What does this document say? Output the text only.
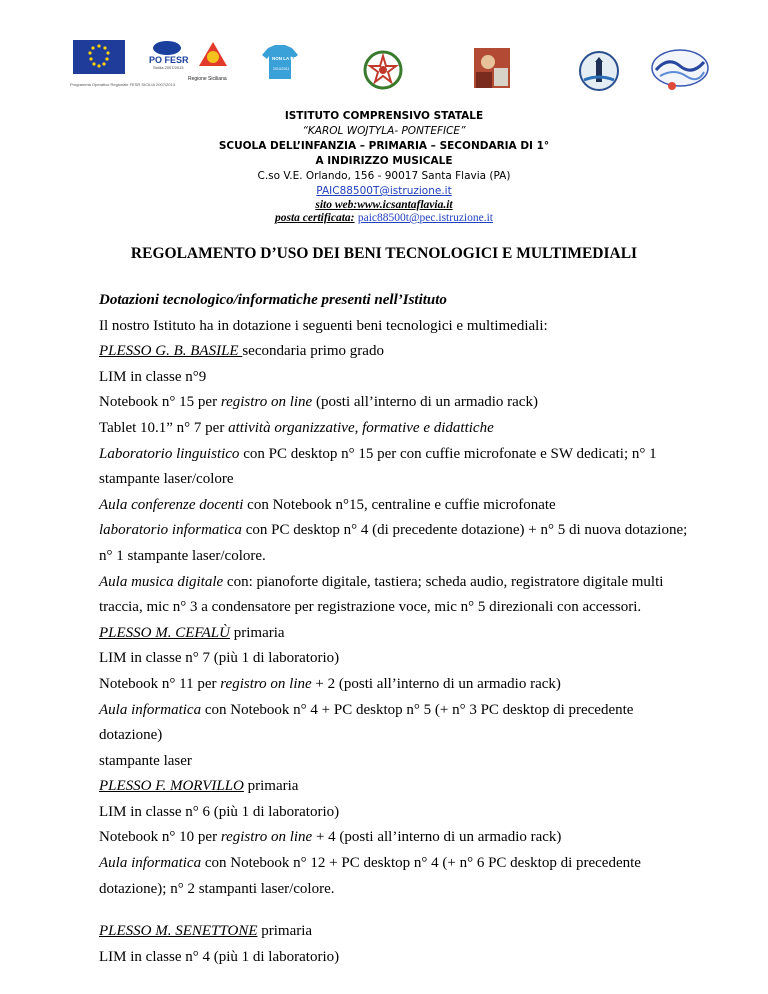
PO FESR
Sicilia 2007/2013
Regione Siciliana
Programma Operativo Regionale FESR SICILIA 2007/2013
NON LA BEVO
2010/2011
ISTITUTO COMPRENSIVO STATALE
“KAROL WOJTYLA- PONTEFICE”
SCUOLA DELL’INFANZIA – PRIMARIA – SECONDARIA DI 1°
A INDIRIZZO MUSICALE
C.so V.E. Orlando, 156 - 90017 Santa Flavia (PA)
PAIC88500T@istruzione.it
sito web:www.icsantaflavia.it
posta certificata: paic88500t@pec.istruzione.it
REGOLAMENTO D’USO DEI BENI TECNOLOGICI E MULTIMEDIALI

Dotazioni tecnologico/informatiche presenti nell’Istituto

Il nostro Istituto ha in dotazione i seguenti beni tecnologici e multimediali:

PLESSO G. B. BASILE secondaria primo grado

LIM in classe n°9

Notebook n° 15 per registro on line (posti all’interno di un armadio rack)

Tablet 10.1” n° 7 per attività organizzative, formative e didattiche

Laboratorio linguistico con PC desktop n° 15 per con cuffie microfonate e SW dedicati; n° 1

stampante laser/colore

Aula conferenze docenti con Notebook n°15, centraline e cuffie microfonate

laboratorio informatica con PC desktop n° 4 (di precedente dotazione) + n° 5 di nuova dotazione;

n° 1 stampante laser/colore.

Aula musica digitale con: pianoforte digitale, tastiera; scheda audio, registratore digitale multi

traccia, mic n° 3 a condensatore per registrazione voce, mic n° 5 direzionali con accessori.

PLESSO M. CEFALÙ primaria

LIM in classe n° 7 (più 1 di laboratorio)

Notebook n° 11 per registro on line + 2 (posti all’interno di un armadio rack)

Aula informatica con Notebook n° 4 + PC desktop n° 5 (+ n° 3 PC desktop di precedente dotazione)

stampante laser

PLESSO F. MORVILLO primaria

LIM in classe n° 6 (più 1 di laboratorio)

Notebook n° 10 per registro on line + 4 (posti all’interno di un armadio rack)

Aula informatica con Notebook n° 12 + PC desktop n° 4 (+ n° 6 PC desktop di precedente

dotazione); n° 2 stampanti laser/colore.

PLESSO M. SENETTONE primaria

LIM in classe n° 4 (più 1 di laboratorio)
